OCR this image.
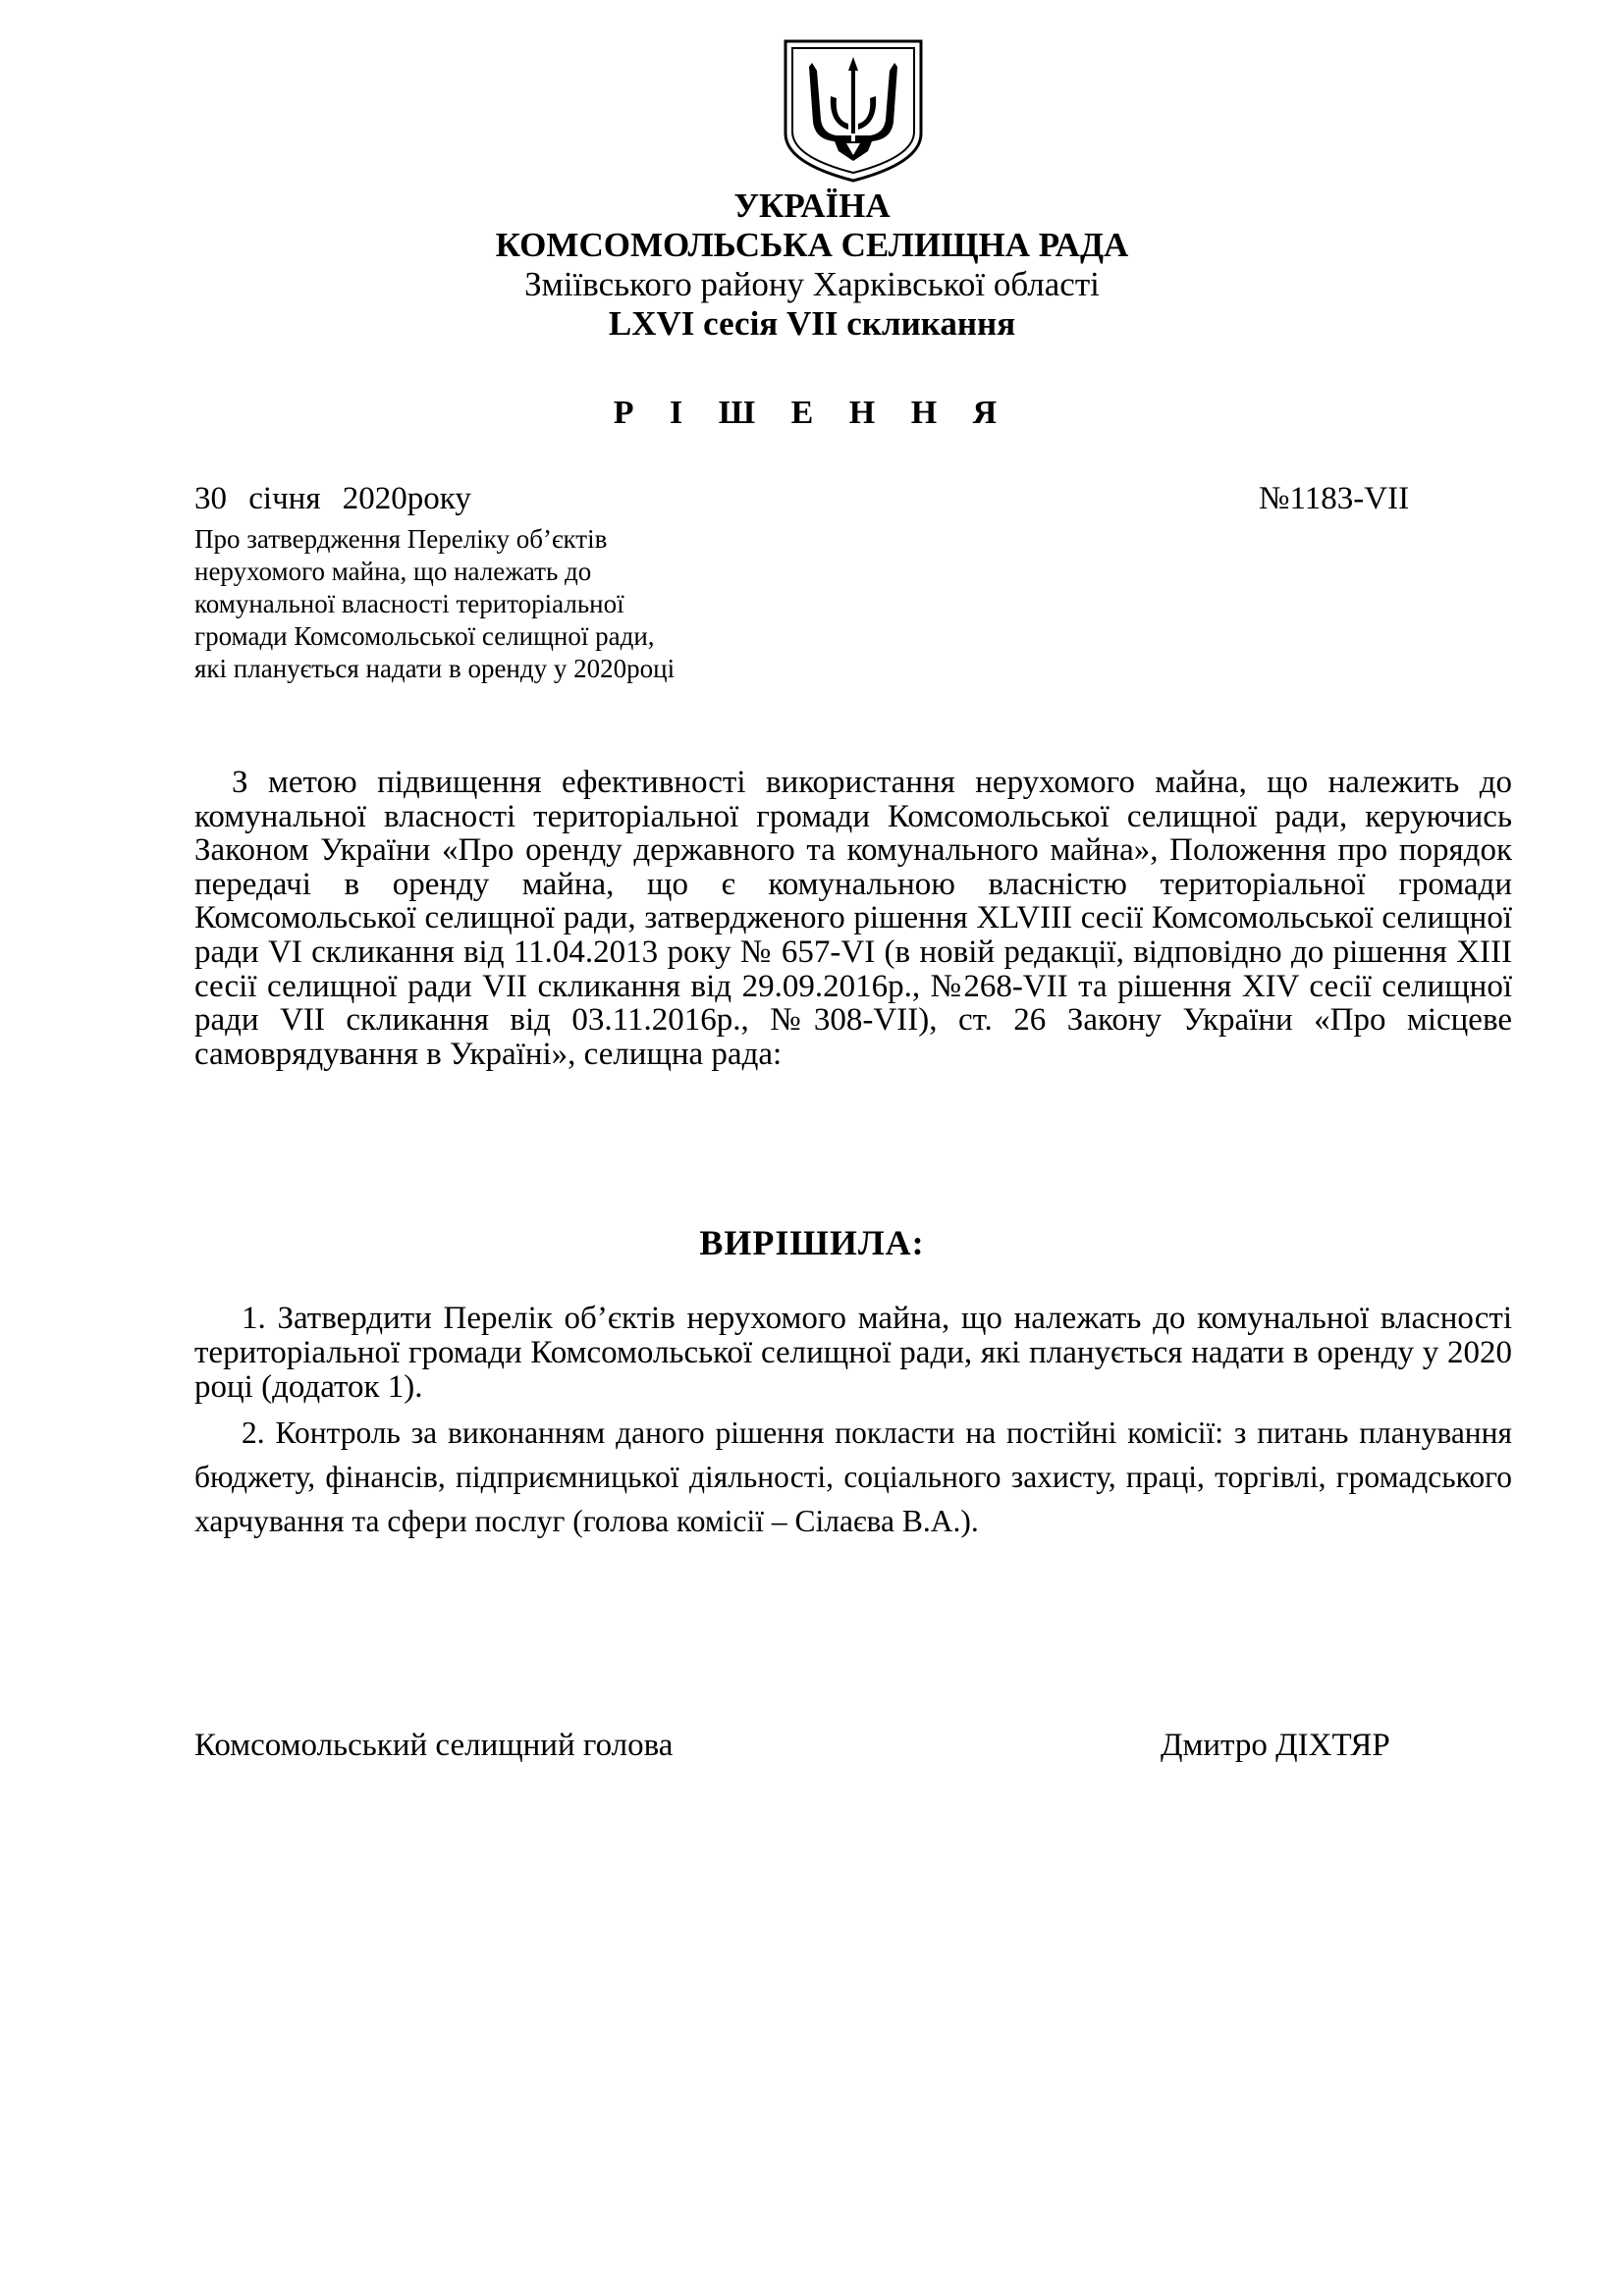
УКРАЇНА
КОМСОМОЛЬСЬКА СЕЛИЩНА РАДА
Зміївського району Харківської області
LXVI сесія VII скликання
Р І Ш Е Н Н Я
30 січня 2020року	№1183-VII
Про затвердження Переліку об’єктів
нерухомого майна, що належать до
комунальної власності територіальної
громади Комсомольської селищної ради,
які планується надати в оренду у 2020році
З метою підвищення ефективності використання нерухомого майна, що належить до комунальної власності територіальної громади Комсомольської селищної ради, керуючись Законом України «Про оренду державного та комунального майна», Положення про порядок передачі в оренду майна, що є комунальною власністю територіальної громади Комсомольської селищної ради, затвердженого рішення XLVIII сесії Комсомольської селищної ради VI скликання від 11.04.2013 року № 657-VI (в новій редакції, відповідно до рішення XIII сесії селищної ради VII скликання від 29.09.2016р., №268-VII та рішення XIV сесії селищної ради VII скликання від 03.11.2016р., №308-VII), ст. 26 Закону України «Про місцеве самоврядування в Україні», селищна рада:
ВИРІШИЛА:
1. Затвердити Перелік об’єктів нерухомого майна, що належать до комунальної власності територіальної громади Комсомольської селищної ради, які планується надати в оренду у 2020 році (додаток 1).
2. Контроль за виконанням даного рішення покласти на постійні комісії: з питань планування бюджету, фінансів, підприємницької діяльності, соціального захисту, праці, торгівлі, громадського харчування та сфери послуг (голова комісії – Сілаєва В.А.).
Комсомольський селищний голова	Дмитро ДІХТЯР
